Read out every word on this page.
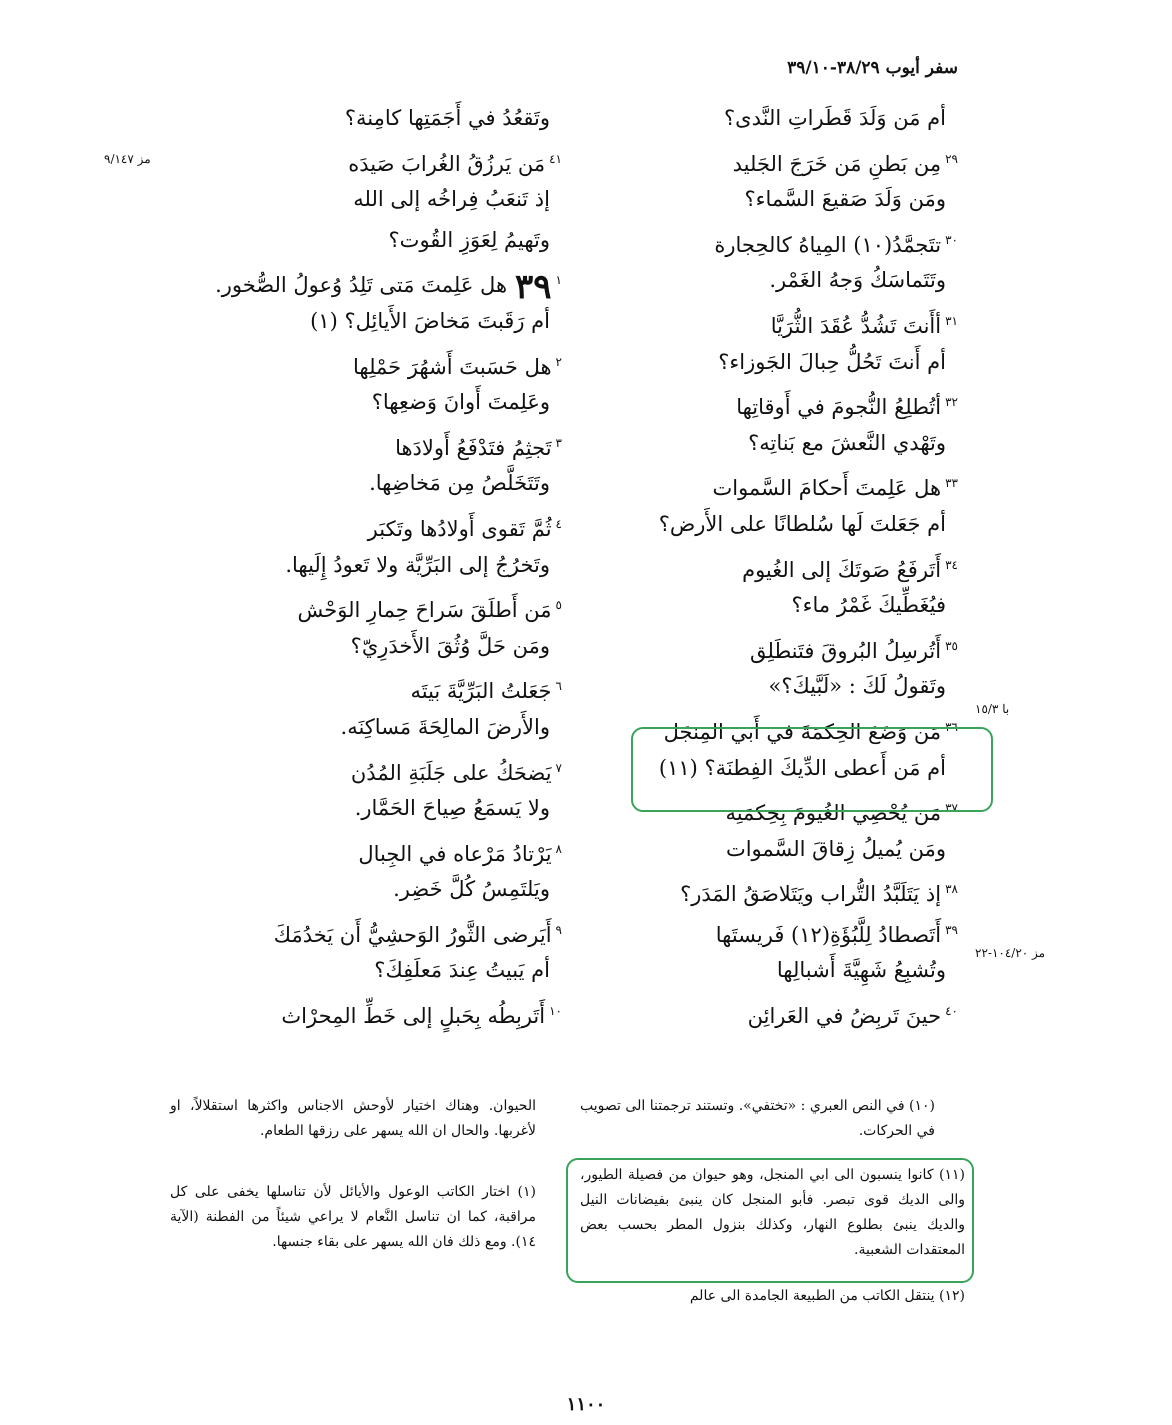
سفر أيوب ٣٨/٢٩-٣٩/١٠
أم مَن وَلَدَ قَطَراتِ النَّدى؟
$^{٢٩}$مِن بَطنِ مَن خَرَجَ الجَليد
ومَن وَلَدَ صَقيعَ السَّماء؟
$^{٣٠}$تتَجمَّدُ(١٠) المِياهُ كالحِجارة
وتَتَماسَكُ وَجهُ الغَمْر.
$^{٣١}$أأَنتَ تَشُدُّ عُقَدَ الثُّرَيَّا
أم أَنتَ تَحُلُّ حِبالَ الجَوزاء؟
$^{٣٢}$أتُطلِعُ النُّجومَ في أَوقاتِها
وتَهْدي النَّعشَ مع بَناتِه؟
$^{٣٣}$هل عَلِمتَ أَحكامَ السَّموات
أم جَعَلتَ لَها سُلطانًا على الأَرض؟
$^{٣٤}$أَتَرفَعُ صَوتَكَ إلى الغُيوم
فيُغَطِّيكَ غَمْرُ ماء؟
$^{٣٥}$أَتُرسِلُ البُروقَ فتَنطَلِق
وتَقولُ لَكَ : «لَبَّيكَ؟»
$^{٣٦}$مَن وَضَعَ الحِكمَةَ في أَبي المِنجَل
أم مَن أَعطى الدِّيكَ الفِطنَة؟ (١١)
$^{٣٧}$مَن يُحْصِي الغُيومَ بِحِكمَتِه
ومَن يُميلُ زِقاقَ السَّموات
$^{٣٨}$إذ يَتَلَبَّدُ التُّراب ويَتَلاصَقُ المَدَر؟
$^{٣٩}$أَتَصطادُ لِلَّبُؤَةِ(١٢) فَريستَها
وتُشبِعُ شَهِيَّةَ أَشبالِها
$^{٤٠}$حينَ تَربِضُ في العَرائِن
وتَقعُدُ في أَجَمَتِها كامِنة؟
$^{٤١}$مَن يَرزُقُ الغُرابَ صَيدَه
إذ تَنعَبُ فِراخُه إلى الله
وتَهيمُ لِعَوَزِ القُوت؟
٣٩ $^١$هل عَلِمتَ مَتى تَلِدُ وُعولُ الصُّخور.
أم رَقَبتَ مَخاضَ الأَيائِل؟ (١)
$^٢$هل حَسَبتَ أَشهُرَ حَمْلِها
وعَلِمتَ أَوانَ وَضعِها؟
$^٣$تَجثِمُ فتَدْفَعُ أَولادَها
وتَتَخَلَّصُ مِن مَخاضِها.
$^٤$ثُمَّ تَقوى أَولادُها وتَكبَر
وتَخرُجُ إلى البَرِّيَّة ولا تَعودُ إِلَيها.
$^٥$مَن أَطلَقَ سَراحَ حِمارِ الوَحْش
ومَن حَلَّ وُثُقَ الأَخدَرِيّ؟
$^٦$جَعَلتُ البَرِّيَّةَ بَيتَه
والأَرضَ المالِحَةَ مَساكِنَه.
$^٧$يَضحَكُ على جَلَبَةِ المُدُن
ولا يَسمَعُ صِياحَ الحَمَّار.
$^٨$يَرْتادُ مَرْعاه في الجِبال
ويَلتَمِسُ كُلَّ خَضِر.
$^٩$أَيَرضى الثَّورُ الوَحشِيُّ أَن يَخدُمَكَ
أم يَبيتُ عِندَ مَعلَفِكَ؟
$^{١٠}$أَتَربِطُه بِحَبلٍ إلى خَطِّ المِحرْاث
مز ٩/١٤٧
با ١٥/٣
مز ١٠٤/٢٠-٢٢
(١٠) في النص العبري : «تختفي». وتستند ترجمتنا الى تصويب في الحركات.
(١١) كانوا ينسبون الى ابي المنجل، وهو حيوان من فصيلة الطيور، والى الديك قوى تبصر. فأبو المنجل كان ينبئ بفيضانات النيل والديك ينبئ بطلوع النهار، وكذلك بنزول المطر بحسب بعض المعتقدات الشعبية.
(١٢) ينتقل الكاتب من الطبيعة الجامدة الى عالم
الحيوان. وهناك اختيار لأوحش الاجناس واكثرها استقلالاً، او لأغربها. والحال ان الله يسهر على رزقها الطعام.
(١) اختار الكاتب الوعول والأيائل لأن تناسلها يخفى على كل مراقبة، كما ان تناسل النَّعام لا يراعي شيئاً من الفطنة (الآية ١٤). ومع ذلك فان الله يسهر على بقاء جنسها.
١١٠٠
